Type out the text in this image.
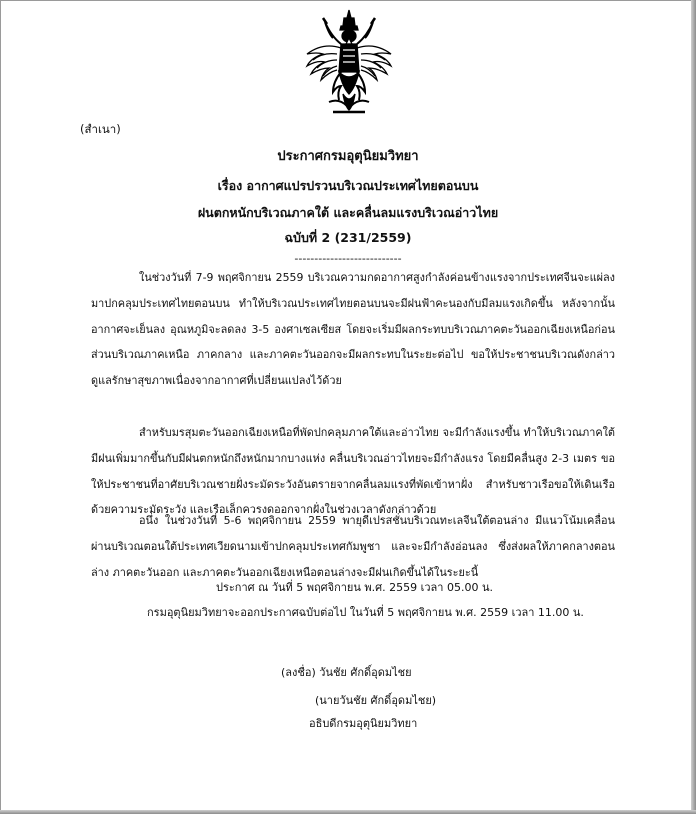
(สำเนา)
ประกาศกรมอุตุนิยมวิทยา
เรื่อง อากาศแปรปรวนบริเวณประเทศไทยตอนบน
ฝนตกหนักบริเวณภาคใต้ และคลื่นลมแรงบริเวณอ่าวไทย
ฉบับที่ 2 (231/2559)
---------------------------

ในช่วงวันที่ 7-9 พฤศจิกายน 2559 บริเวณความกดอากาศสูงกำลังค่อนข้างแรงจากประเทศจีนจะแผ่ลงมาปกคลุมประเทศไทยตอนบน ทำให้บริเวณประเทศไทยตอนบนจะมีฝนฟ้าคะนองกับมีลมแรงเกิดขึ้น หลังจากนั้นอากาศจะเย็นลง อุณหภูมิจะลดลง 3-5 องศาเซลเซียส โดยจะเริ่มมีผลกระทบบริเวณภาคตะวันออกเฉียงเหนือก่อน ส่วนบริเวณภาคเหนือ ภาคกลาง และภาคตะวันออกจะมีผลกระทบในระยะต่อไป ขอให้ประชาชนบริเวณดังกล่าวดูแลรักษาสุขภาพเนื่องจากอากาศที่เปลี่ยนแปลงไว้ด้วย

สำหรับมรสุมตะวันออกเฉียงเหนือที่พัดปกคลุมภาคใต้และอ่าวไทย จะมีกำลังแรงขึ้น ทำให้บริเวณภาคใต้มีฝนเพิ่มมากขึ้นกับมีฝนตกหนักถึงหนักมากบางแห่ง คลื่นบริเวณอ่าวไทยจะมีกำลังแรง โดยมีคลื่นสูง 2-3 เมตร ขอให้ประชาชนที่อาศัยบริเวณชายฝั่งระมัดระวังอันตรายจากคลื่นลมแรงที่พัดเข้าหาฝั่ง สำหรับชาวเรือขอให้เดินเรือด้วยความระมัดระวัง และเรือเล็กควรงดออกจากฝั่งในช่วงเวลาดังกล่าวด้วย

อนึ่ง ในช่วงวันที่ 5-6 พฤศจิกายน 2559 พายุดีเปรสชั่นบริเวณทะเลจีนใต้ตอนล่าง มีแนวโน้มเคลื่อนผ่านบริเวณตอนใต้ประเทศเวียดนามเข้าปกคลุมประเทศกัมพูชา และจะมีกำลังอ่อนลง ซึ่งส่งผลให้ภาคกลางตอนล่าง ภาคตะวันออก และภาคตะวันออกเฉียงเหนือตอนล่างจะมีฝนเกิดขึ้นได้ในระยะนี้

ประกาศ ณ วันที่ 5 พฤศจิกายน พ.ศ. 2559 เวลา 05.00 น.
กรมอุตุนิยมวิทยาจะออกประกาศฉบับต่อไป ในวันที่ 5 พฤศจิกายน พ.ศ. 2559 เวลา 11.00 น.
(ลงชื่อ) วันชัย ศักดิ์อุดมไชย
(นายวันชัย ศักดิ์อุดมไชย)
อธิบดีกรมอุตุนิยมวิทยา
